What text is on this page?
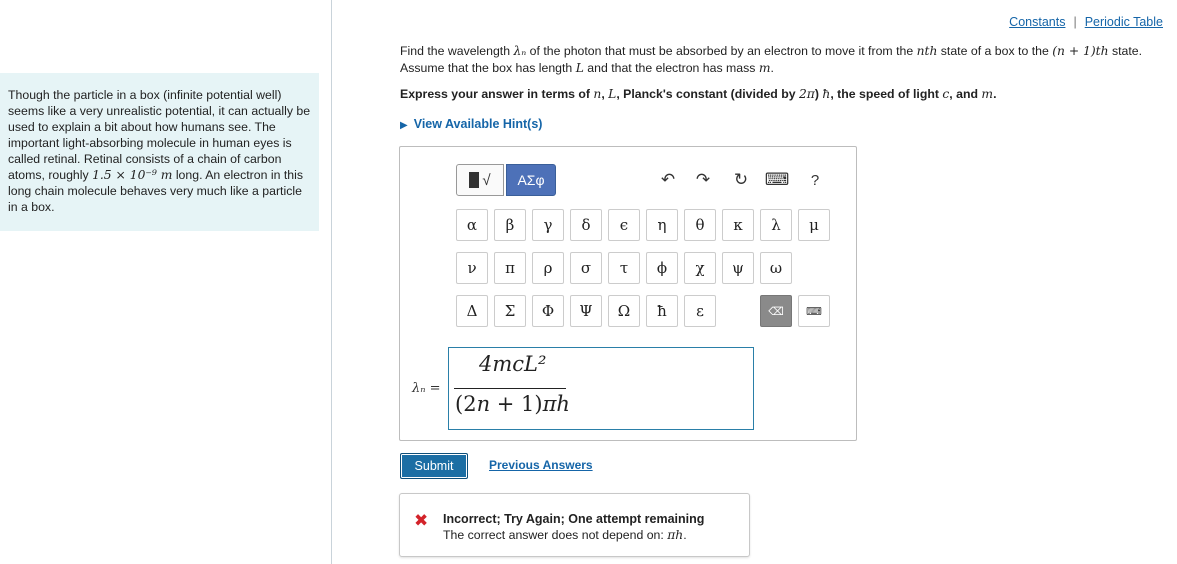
Though the particle in a box (infinite potential well) seems like a very unrealistic potential, it can actually be used to explain a bit about how humans see. The important light-absorbing molecule in human eyes is called retinal. Retinal consists of a chain of carbon atoms, roughly 1.5 × 10⁻⁹ m long. An electron in this long chain molecule behaves very much like a particle in a box.
Constants | Periodic Table
Find the wavelength λₙ of the photon that must be absorbed by an electron to move it from the nth state of a box to the (n + 1)th state. Assume that the box has length L and that the electron has mass m.
Express your answer in terms of n, L, Planck's constant (divided by 2π) ħ, the speed of light c, and m.
▶ View Available Hint(s)
√	ΑΣφ	↶	↷	↻ ⌨	?
α	β	γ	δ	ϵ	η	θ	κ	λ	μ
ν	π	ρ	σ	τ	ϕ	χ	ψ	ω
Δ	Σ	Φ	Ψ	Ω	ħ	ε	⌫	⌨
λₙ =
4mcL²
(2n + 1)πh
Submit	Previous Answers
✖ Incorrect; Try Again; One attempt remaining
The correct answer does not depend on: πh.
